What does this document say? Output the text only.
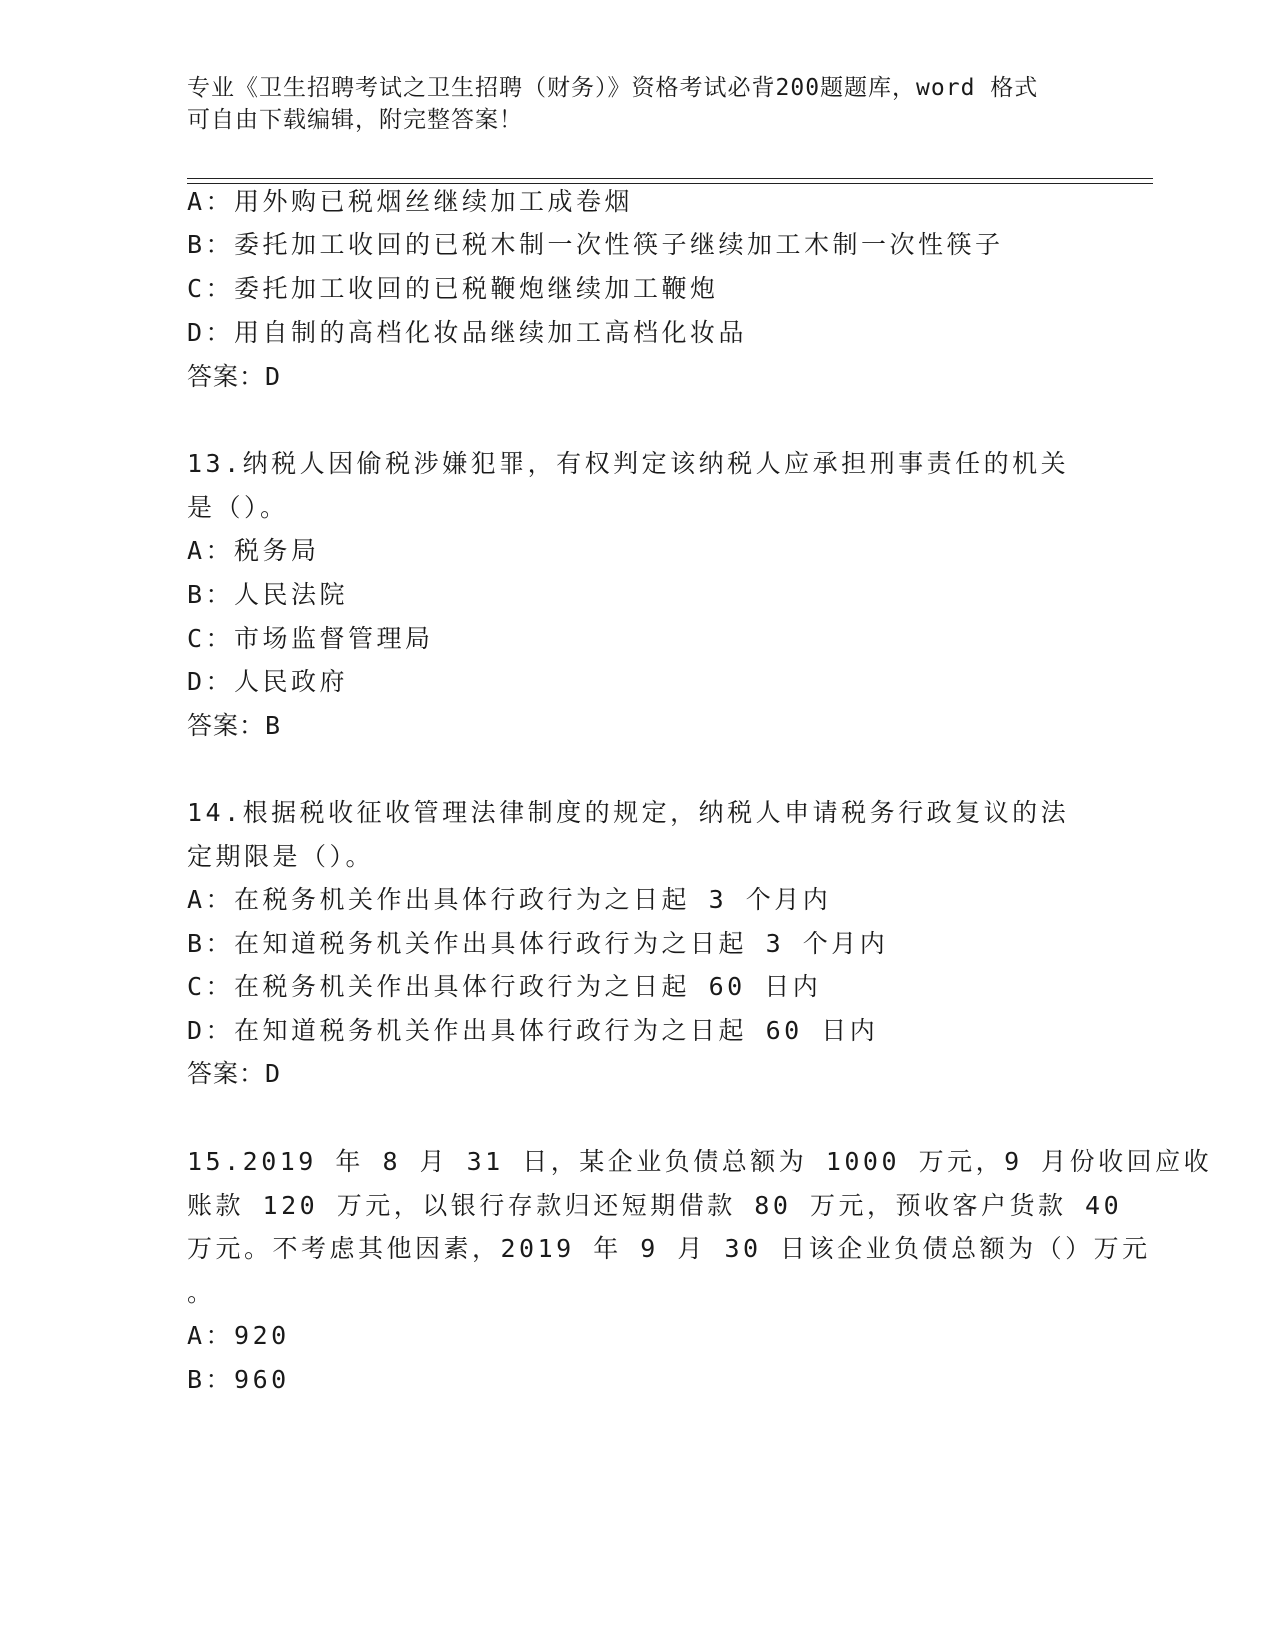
专业《卫生招聘考试之卫生招聘（财务）》资格考试必背200题题库，word 格式
可自由下载编辑，附完整答案！
A：用外购已税烟丝继续加工成卷烟
B：委托加工收回的已税木制一次性筷子继续加工木制一次性筷子
C：委托加工收回的已税鞭炮继续加工鞭炮
D：用自制的高档化妆品继续加工高档化妆品
答案：D
13.纳税人因偷税涉嫌犯罪，有权判定该纳税人应承担刑事责任的机关
是（）。
A：税务局
B：人民法院
C：市场监督管理局
D：人民政府
答案：B
14.根据税收征收管理法律制度的规定，纳税人申请税务行政复议的法
定期限是（）。
A：在税务机关作出具体行政行为之日起 3 个月内
B：在知道税务机关作出具体行政行为之日起 3 个月内
C：在税务机关作出具体行政行为之日起 60 日内
D：在知道税务机关作出具体行政行为之日起 60 日内
答案：D
15.2019 年 8 月 31 日，某企业负债总额为 1000 万元，9 月份收回应收
账款 120 万元，以银行存款归还短期借款 80 万元，预收客户货款 40
万元。不考虑其他因素，2019 年 9 月 30 日该企业负债总额为（）万元
。
A：920
B：960
